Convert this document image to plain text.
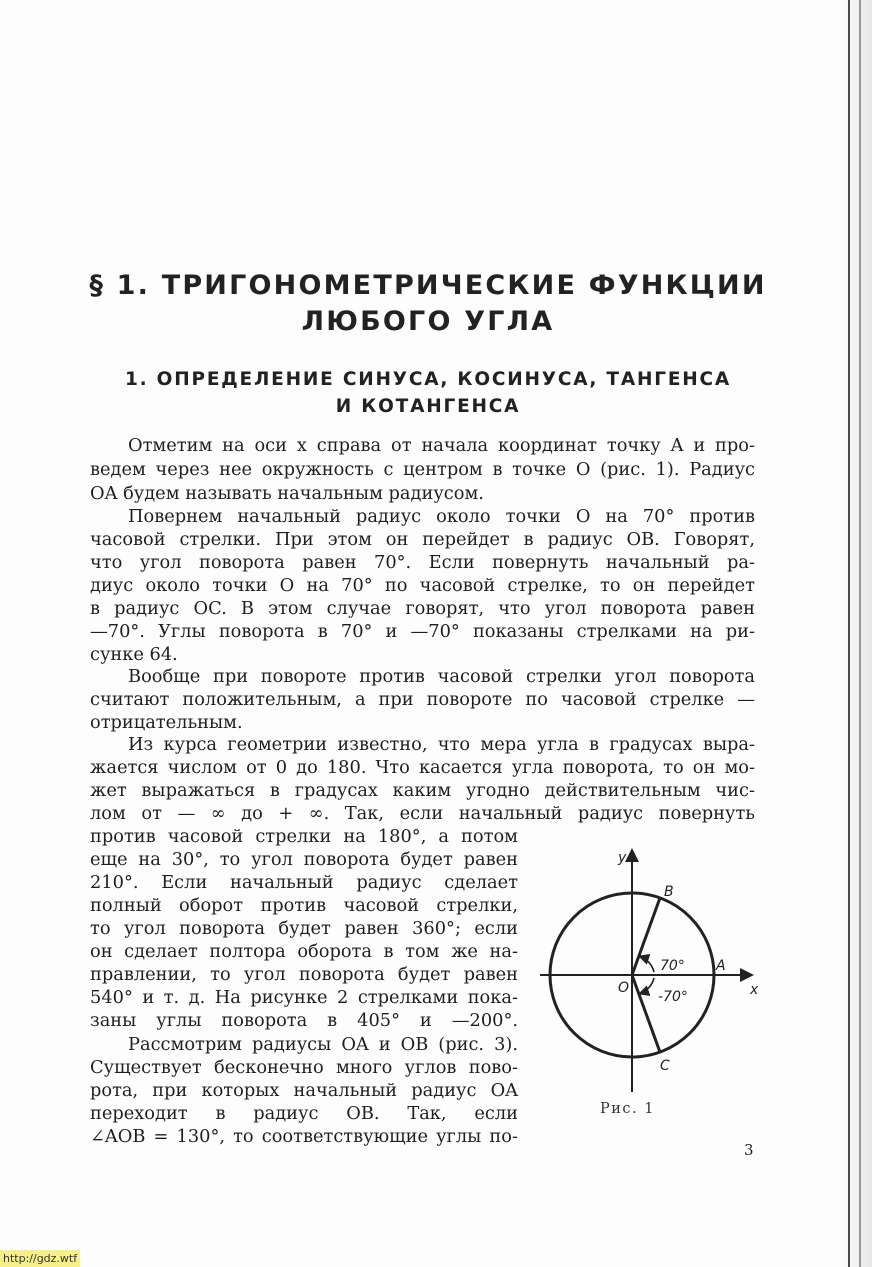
§ 1. ТРИГОНОМЕТРИЧЕСКИЕ ФУНКЦИИ
ЛЮБОГО УГЛА
1. ОПРЕДЕЛЕНИЕ СИНУСА, КОСИНУСА, ТАНГЕНСА
И КОТАНГЕНСА
Отметим на оси x справа от начала координат точку A и про-
ведем через нее окружность с центром в точке O (рис. 1). Радиус
OA будем называть начальным радиусом.
Повернем начальный радиус около точки O на 70° против
часовой стрелки. При этом он перейдет в радиус OB. Говорят,
что угол поворота равен 70°. Если повернуть начальный ра-
диус около точки O на 70° по часовой стрелке, то он перейдет
в радиус OC. В этом случае говорят, что угол поворота равен
—70°. Углы поворота в 70° и —70° показаны стрелками на ри-
сунке 64.
Вообще при повороте против часовой стрелки угол поворота
считают положительным, а при повороте по часовой стрелке —
отрицательным.
Из курса геометрии известно, что мера угла в градусах выра-
жается числом от 0 до 180. Что касается угла поворота, то он мо-
жет выражаться в градусах каким угодно действительным чис-
лом от — ∞ до + ∞. Так, если начальный радиус повернуть
против часовой стрелки на 180°, а потом
еще на 30°, то угол поворота будет равен
210°. Если начальный радиус сделает
полный оборот против часовой стрелки,
то угол поворота будет равен 360°; если
он сделает полтора оборота в том же на-
правлении, то угол поворота будет равен
540° и т. д. На рисунке 2 стрелками пока-
заны углы поворота в 405° и —200°.
Рассмотрим радиусы OA и OB (рис. 3).
Существует бесконечно много углов пово-
рота, при которых начальный радиус OA
переходит в радиус OB. Так, если
∠AOB = 130°, то соответствующие углы по-
y
x
B
A
C
O
70°
-70°
Рис. 1
3
http://gdz.wtf
